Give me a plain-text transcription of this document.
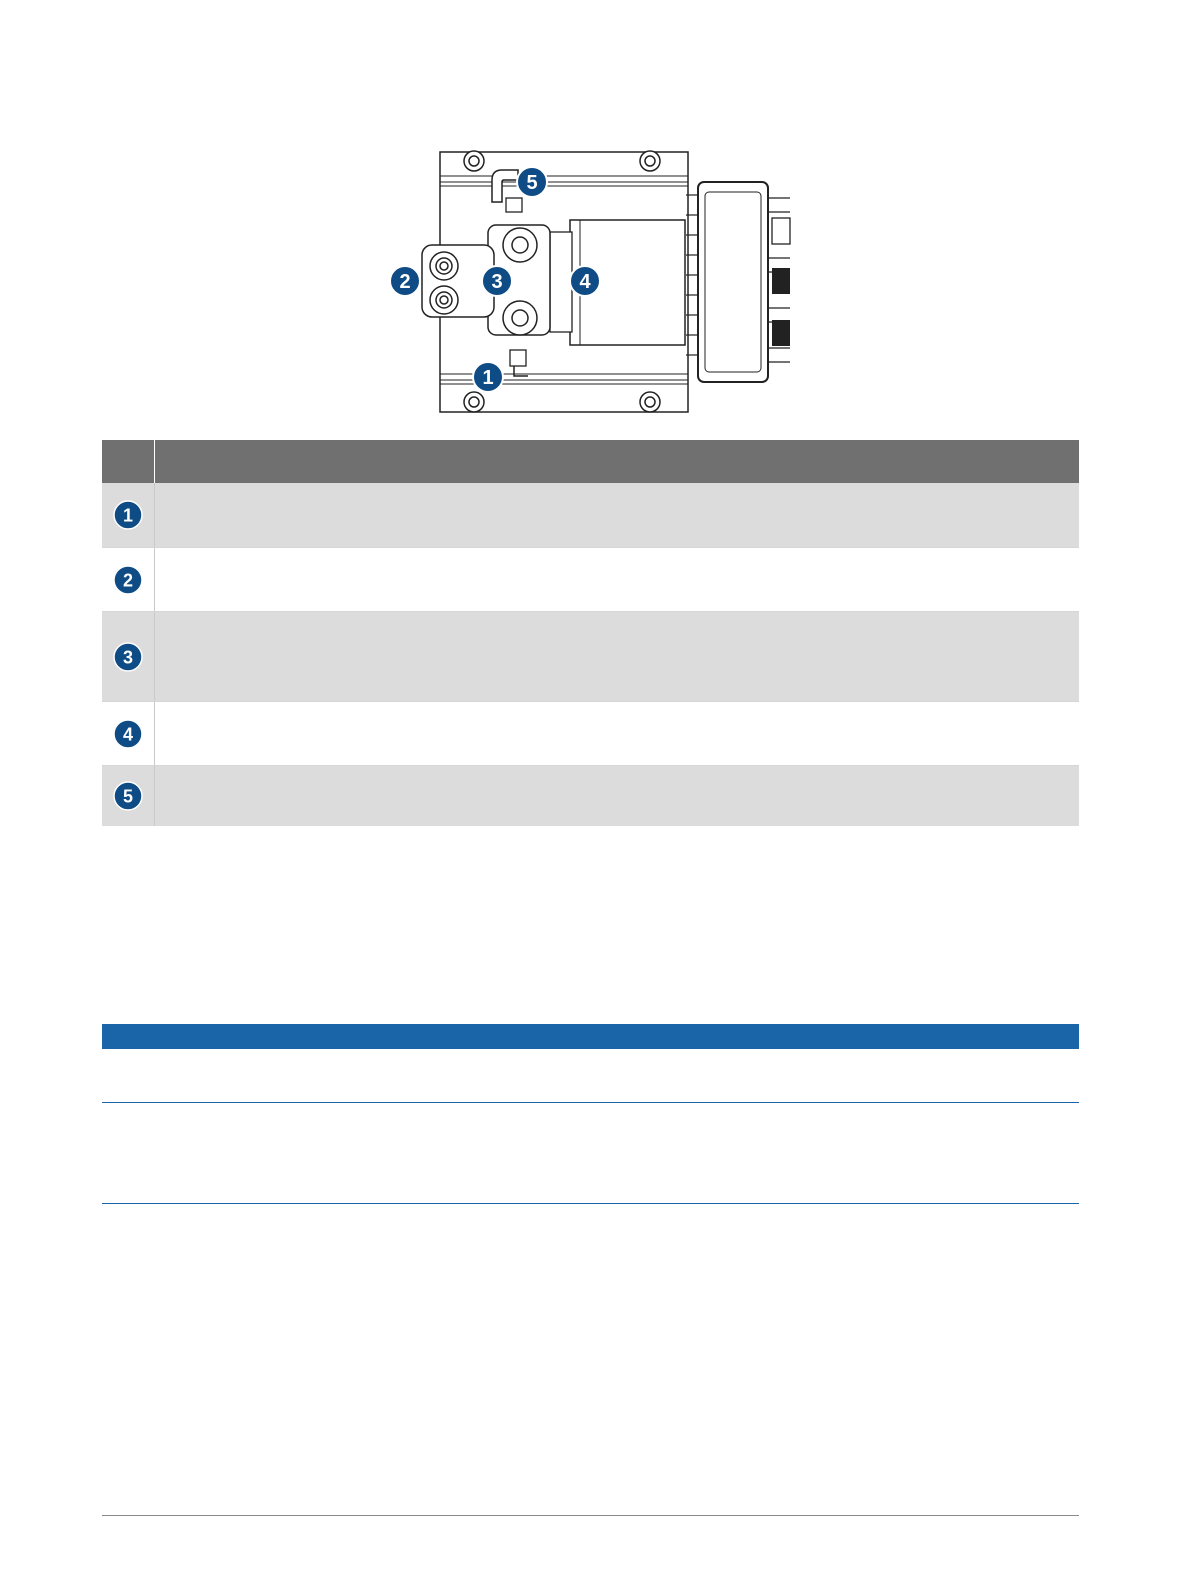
1
2	3	4
5
1
2
3
4
5
